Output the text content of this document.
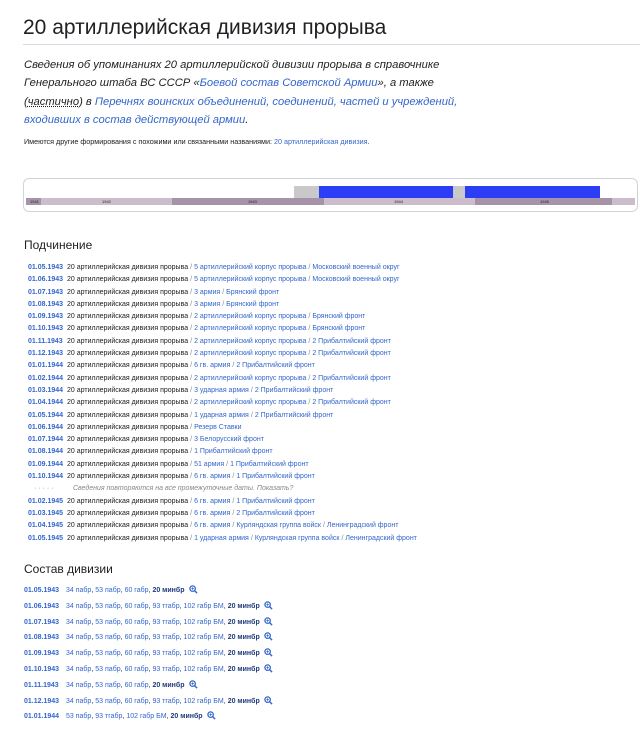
20 артиллерийская дивизия прорыва
Сведения об упоминаниях 20 артиллерийской дивизии прорыва в справочнике Генерального штаба ВС СССР «Боевой состав Советской Армии», а также (частично) в Перечнях воинских объединений, соединений, частей и учреждений, входивших в состав действующей армии.
Имеются другие формирования с похожими или связанными названиями: 20 артиллерийская дивизия.
1941	1942	1943	1944	1945
Подчинение
01.05.1943 20 артиллерийская дивизия прорыва / 5 артиллерийский корпус прорыва / Московский военный округ
01.06.1943 20 артиллерийская дивизия прорыва / 5 артиллерийский корпус прорыва / Московский военный округ
01.07.1943 20 артиллерийская дивизия прорыва / 3 армия / Брянский фронт
01.08.1943 20 артиллерийская дивизия прорыва / 3 армия / Брянский фронт
01.09.1943 20 артиллерийская дивизия прорыва / 2 артиллерийский корпус прорыва / Брянский фронт
01.10.1943 20 артиллерийская дивизия прорыва / 2 артиллерийский корпус прорыва / Брянский фронт
01.11.1943 20 артиллерийская дивизия прорыва / 2 артиллерийский корпус прорыва / 2 Прибалтийский фронт
01.12.1943 20 артиллерийская дивизия прорыва / 2 артиллерийский корпус прорыва / 2 Прибалтийский фронт
01.01.1944 20 артиллерийская дивизия прорыва / 6 гв. армия / 2 Прибалтийский фронт
01.02.1944 20 артиллерийская дивизия прорыва / 2 артиллерийский корпус прорыва / 2 Прибалтийский фронт
01.03.1944 20 артиллерийская дивизия прорыва / 3 ударная армия / 2 Прибалтийский фронт
01.04.1944 20 артиллерийская дивизия прорыва / 2 артиллерийский корпус прорыва / 2 Прибалтийский фронт
01.05.1944 20 артиллерийская дивизия прорыва / 1 ударная армия / 2 Прибалтийский фронт
01.06.1944 20 артиллерийская дивизия прорыва / Резерв Ставки
01.07.1944 20 артиллерийская дивизия прорыва / 3 Белорусский фронт
01.08.1944 20 артиллерийская дивизия прорыва / 1 Прибалтийский фронт
01.09.1944 20 артиллерийская дивизия прорыва / 51 армия / 1 Прибалтийский фронт
01.10.1944 20 артиллерийская дивизия прорыва / 6 гв. армия / 1 Прибалтийский фронт
· · · · ·	Сведения повторяются на все промежуточные даты. Показать?
01.02.1945 20 артиллерийская дивизия прорыва / 6 гв. армия / 1 Прибалтийский фронт
01.03.1945 20 артиллерийская дивизия прорыва / 6 гв. армия / 2 Прибалтийский фронт
01.04.1945 20 артиллерийская дивизия прорыва / 6 гв. армия / Курляндская группа войск / Ленинградский фронт
01.05.1945 20 артиллерийская дивизия прорыва / 1 ударная армия / Курляндская группа войск / Ленинградский фронт
Состав дивизии
01.05.1943 34 пабр, 53 пабр, 60 габр, 20 минбр
01.06.1943 34 пабр, 53 пабр, 60 габр, 93 тгабр, 102 габр БМ, 20 минбр
01.07.1943 34 пабр, 53 пабр, 60 габр, 93 тгабр, 102 габр БМ, 20 минбр
01.08.1943 34 пабр, 53 пабр, 60 габр, 93 тгабр, 102 габр БМ, 20 минбр
01.09.1943 34 пабр, 53 пабр, 60 габр, 93 тгабр, 102 габр БМ, 20 минбр
01.10.1943 34 пабр, 53 пабр, 60 габр, 93 тгабр, 102 габр БМ, 20 минбр
01.11.1943 34 пабр, 53 пабр, 60 габр, 20 минбр
01.12.1943 34 пабр, 53 пабр, 60 габр, 93 тгабр, 102 габр БМ, 20 минбр
01.01.1944 53 пабр, 93 тгабр, 102 габр БМ, 20 минбр
